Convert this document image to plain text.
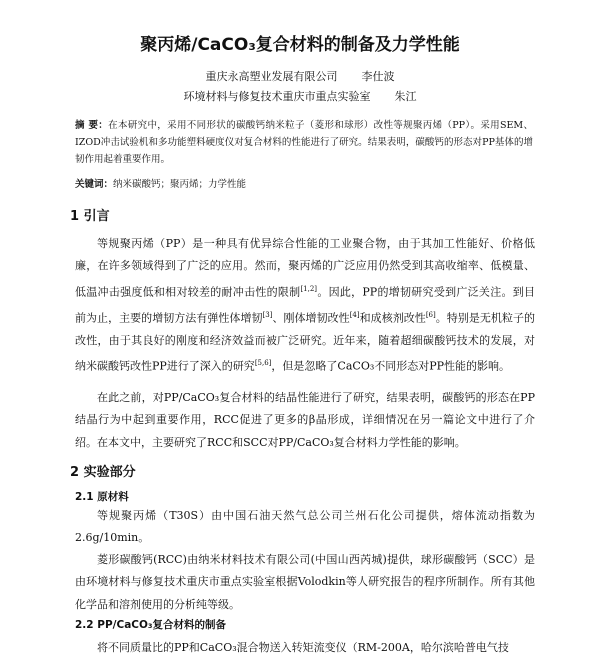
聚丙烯/CaCO₃复合材料的制备及力学性能
重庆永高塑业发展有限公司 李仕波
环境材料与修复技术重庆市重点实验室 朱江
摘 要：在本研究中，采用不同形状的碳酸钙纳米粒子（菱形和球形）改性等规聚丙烯（PP）。采用SEM、IZOD冲击试验机和多功能塑料硬度仪对复合材料的性能进行了研究。结果表明，碳酸钙的形态对PP基体的增韧作用起着重要作用。
关键词：纳米碳酸钙；聚丙烯；力学性能
1 引言
等规聚丙烯（PP）是一种具有优异综合性能的工业聚合物，由于其加工性能好、价格低廉，在许多领域得到了广泛的应用。然而，聚丙烯的广泛应用仍然受到其高收缩率、低模量、低温冲击强度低和相对较差的耐冲击性的限制[1,2]。因此，PP的增韧研究受到广泛关注。到目前为止，主要的增韧方法有弹性体增韧[3]、刚体增韧改性[4]和成核剂改性[6]。特别是无机粒子的改性，由于其良好的刚度和经济效益而被广泛研究。近年来，随着超细碳酸钙技术的发展，对纳米碳酸钙改性PP进行了深入的研究[5,6]，但是忽略了CaCO₃不同形态对PP性能的影响。
在此之前，对PP/CaCO₃复合材料的结晶性能进行了研究，结果表明，碳酸钙的形态在PP结晶行为中起到重要作用，RCC促进了更多的β晶形成，详细情况在另一篇论文中进行了介绍。在本文中，主要研究了RCC和SCC对PP/CaCO₃复合材料力学性能的影响。
2 实验部分
2.1 原材料
等规聚丙烯（T30S）由中国石油天然气总公司兰州石化公司提供，熔体流动指数为2.6g/10min。
菱形碳酸钙(RCC)由纳米材料技术有限公司(中国山西芮城)提供，球形碳酸钙（SCC）是由环境材料与修复技术重庆市重点实验室根据Volodkin等人研究报告的程序所制作。所有其他化学品和溶剂使用的分析纯等级。
2.2 PP/CaCO₃复合材料的制备
将不同质量比的PP和CaCO₃混合物送入转矩流变仪（RM-200A，哈尔滨哈普电气技
